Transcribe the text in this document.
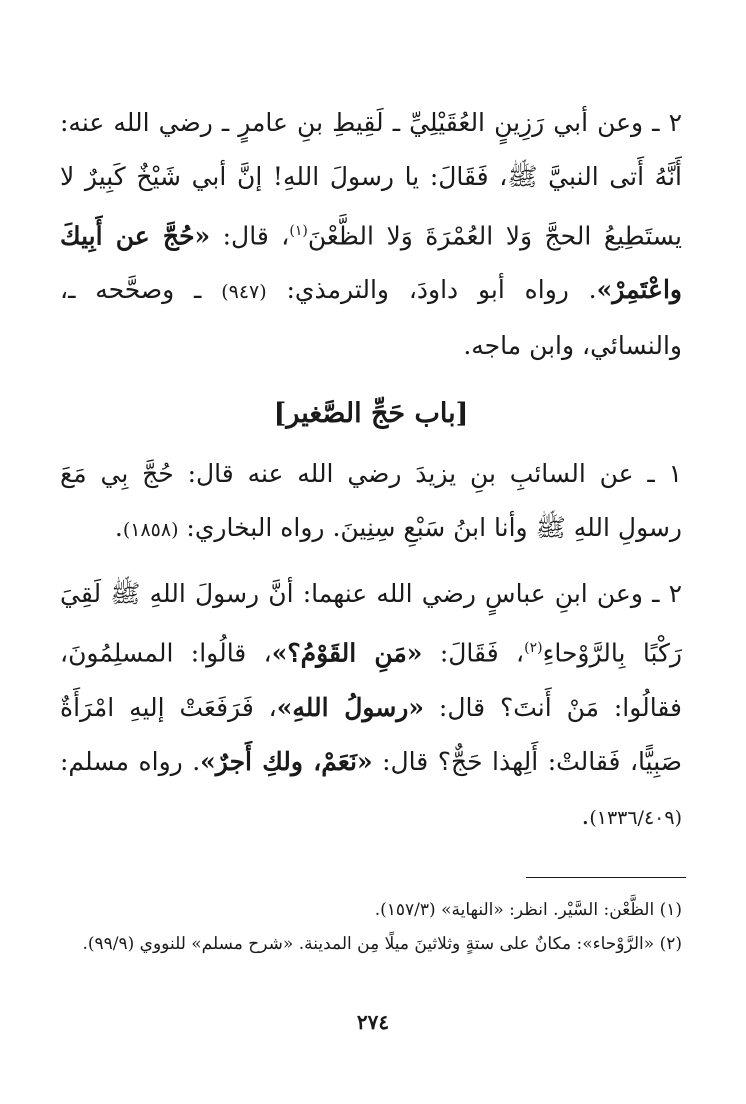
٢ ـ وعن أبي رَزِينٍ العُقَيْلِيِّ ـ لَقِيطِ بنِ عامرٍ ـ رضي الله عنه: أَنَّهُ أَتى النبيَّ ﷺ، فَقَالَ: يا رسولَ اللهِ! إنَّ أبي شَيْخٌ كَبِيرٌ لا يستَطِيعُ الحجَّ وَلا العُمْرَةَ وَلا الظَّعْنَ$^{(١)}$، قال: «حُجَّ عن أَبِيكَ واعْتَمِرْ». رواه أبو داودَ، والترمذي: (٩٤٧) ـ وصحَّحه ـ، والنسائي، وابن ماجه.

[باب حَجِّ الصَّغير]

١ ـ عن السائبِ بنِ يزيدَ رضي الله عنه قال: حُجَّ بِي مَعَ رسولِ اللهِ ﷺ وأنا ابنُ سَبْعِ سِنِينَ. رواه البخاري: (١٨٥٨).

٢ ـ وعن ابنِ عباسٍ رضي الله عنهما: أنَّ رسولَ اللهِ ﷺ لَقِيَ رَكْبًا بِالرَّوْحاءِ$^{(٢)}$، فَقَالَ: «مَنِ القَوْمُ؟»، قالُوا: المسلِمُونَ، فقالُوا: مَنْ أَنتَ؟ قال: «رسولُ اللهِ»، فَرَفَعَتْ إليهِ امْرَأَةٌ صَبِيًّا، فَقالتْ: أَلِهذا حَجٌّ؟ قال: «نَعَمْ، ولكِ أَجرٌ». رواه مسلم: (١٣٣٦/٤٠٩).

(١) الظَّعْن: السَّيْر. انظر: «النهاية» (١٥٧/٣).

(٢) «الرَّوْحاء»: مكانٌ على ستةٍ وثلاثينَ ميلًا مِن المدينة. «شرح مسلم» للنووي (٩٩/٩).

٢٧٤
